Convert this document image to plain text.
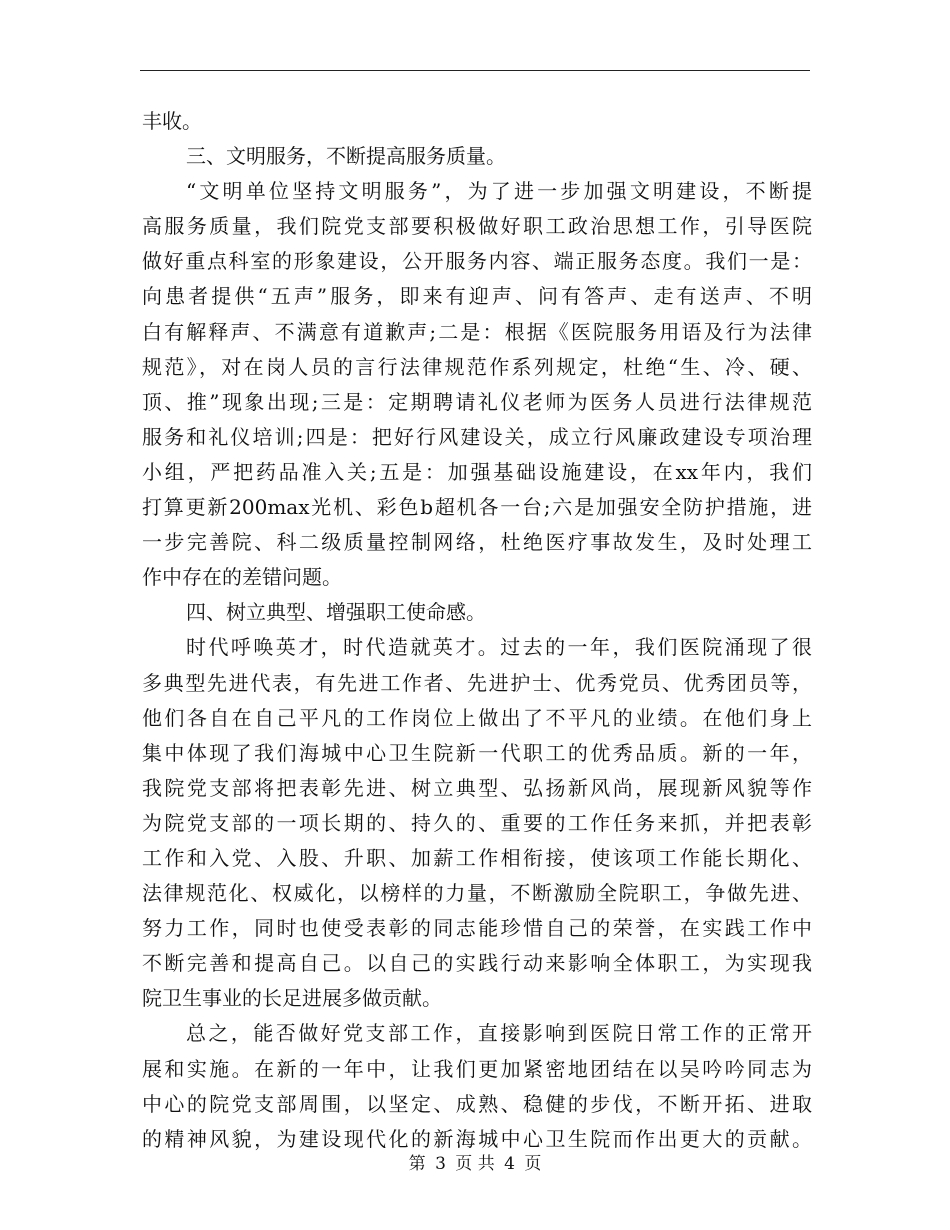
丰收。
三、文明服务，不断提高服务质量。
“文明单位坚持文明服务”，为了进一步加强文明建设，不断提
高服务质量，我们院党支部要积极做好职工政治思想工作，引导医院
做好重点科室的形象建设，公开服务内容、端正服务态度。我们一是：
向患者提供“五声”服务，即来有迎声、问有答声、走有送声、不明
白有解释声、不满意有道歉声;二是：根据《医院服务用语及行为法律
规范》，对在岗人员的言行法律规范作系列规定，杜绝“生、冷、硬、
顶、推”现象出现;三是：定期聘请礼仪老师为医务人员进行法律规范
服务和礼仪培训;四是：把好行风建设关，成立行风廉政建设专项治理
小组，严把药品准入关;五是：加强基础设施建设，在xx年内，我们
打算更新200max光机、彩色b超机各一台;六是加强安全防护措施，进
一步完善院、科二级质量控制网络，杜绝医疗事故发生，及时处理工
作中存在的差错问题。
四、树立典型、增强职工使命感。
时代呼唤英才，时代造就英才。过去的一年，我们医院涌现了很
多典型先进代表，有先进工作者、先进护士、优秀党员、优秀团员等，
他们各自在自己平凡的工作岗位上做出了不平凡的业绩。在他们身上
集中体现了我们海城中心卫生院新一代职工的优秀品质。新的一年，
我院党支部将把表彰先进、树立典型、弘扬新风尚，展现新风貌等作
为院党支部的一项长期的、持久的、重要的工作任务来抓，并把表彰
工作和入党、入股、升职、加薪工作相衔接，使该项工作能长期化、
法律规范化、权威化，以榜样的力量，不断激励全院职工，争做先进、
努力工作，同时也使受表彰的同志能珍惜自己的荣誉，在实践工作中
不断完善和提高自己。以自己的实践行动来影响全体职工，为实现我
院卫生事业的长足进展多做贡献。
总之，能否做好党支部工作，直接影响到医院日常工作的正常开
展和实施。在新的一年中，让我们更加紧密地团结在以吴吟吟同志为
中心的院党支部周围，以坚定、成熟、稳健的步伐，不断开拓、进取
的精神风貌，为建设现代化的新海城中心卫生院而作出更大的贡献。
第 3 页 共 4 页
